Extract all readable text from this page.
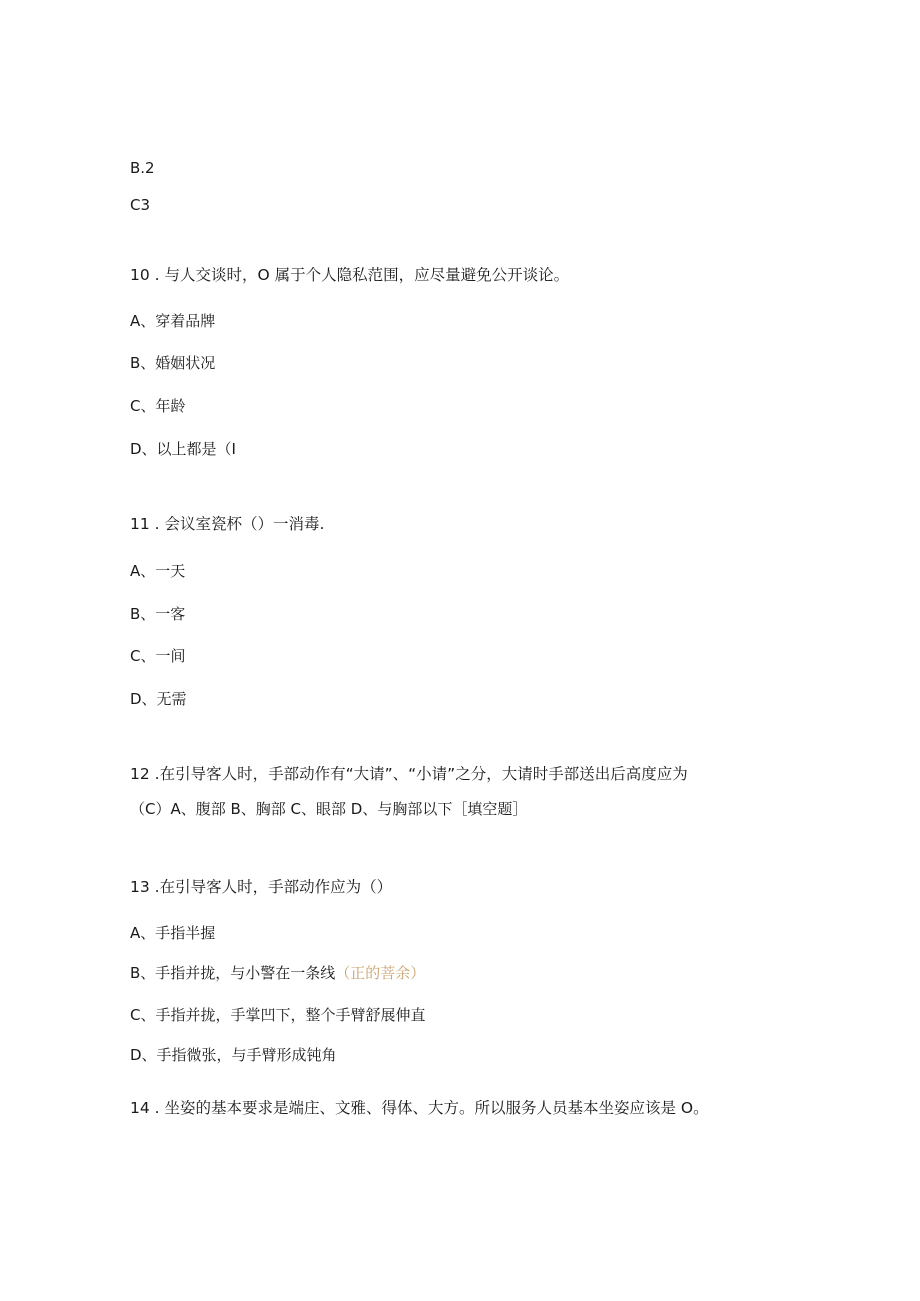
B.2
C3
10 . 与人交谈时，O 属于个人隐私范围，应尽量避免公开谈论。
A、穿着品牌
B、婚姻状况
C、年龄
D、以上都是（I
11 . 会议室瓷杯（）一消毒.
A、一天
B、一客
C、一间
D、无需
12 .在引导客人时，手部动作有“大请”、“小请”之分，大请时手部送出后高度应为
（C）A、腹部 B、胸部 C、眼部 D、与胸部以下［填空题］
13 .在引导客人时，手部动作应为（）
A、手指半握
B、手指并拢，与小警在一条线（正的菩余）
C、手指并拢，手掌凹下，整个手臂舒展伸直
D、手指微张，与手臂形成钝角
14 . 坐姿的基本要求是端庄、文雅、得体、大方。所以服务人员基本坐姿应该是 O。
